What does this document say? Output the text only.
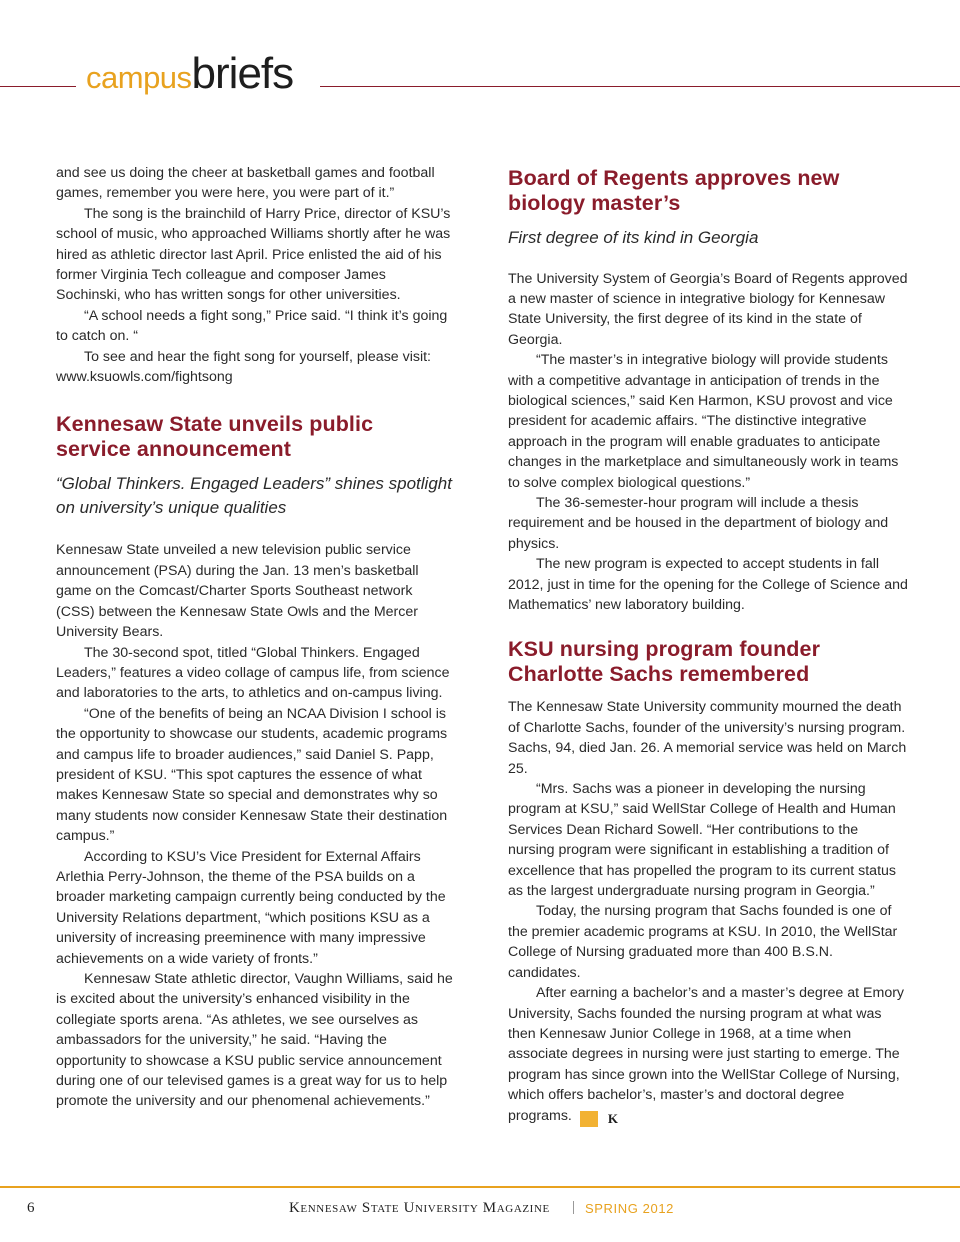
campusbriefs

and see us doing the cheer at basketball games and football games, remember you were here, you were part of it.”

The song is the brainchild of Harry Price, director of KSU’s school of music, who approached Williams shortly after he was hired as athletic director last April. Price enlisted the aid of his former Virginia Tech colleague and composer James Sochinski, who has written songs for other universities.

“A school needs a fight song,” Price said. “I think it’s going to catch on. “

To see and hear the fight song for yourself, please visit: www.ksuowls.com/fightsong

Kennesaw State unveils public service announcement
“Global Thinkers. Engaged Leaders” shines spotlight on university’s unique qualities

Kennesaw State unveiled a new television public service announcement (PSA) during the Jan. 13 men’s basketball game on the Comcast/Charter Sports Southeast network (CSS) between the Kennesaw State Owls and the Mercer University Bears.

The 30-second spot, titled “Global Thinkers. Engaged Leaders,” features a video collage of campus life, from science and laboratories to the arts, to athletics and on-campus living.

“One of the benefits of being an NCAA Division I school is the opportunity to showcase our students, academic programs and campus life to broader audiences,” said Daniel S. Papp, president of KSU. “This spot captures the essence of what makes Kennesaw State so special and demonstrates why so many students now consider Kennesaw State their destination campus.”

According to KSU’s Vice President for External Affairs Arlethia Perry-Johnson, the theme of the PSA builds on a broader marketing campaign currently being conducted by the University Relations department, “which positions KSU as a university of increasing preeminence with many impressive achievements on a wide variety of fronts.”

Kennesaw State athletic director, Vaughn Williams, said he is excited about the university’s enhanced visibility in the collegiate sports arena. “As athletes, we see ourselves as ambassadors for the university,” he said. “Having the opportunity to showcase a KSU public service announcement during one of our televised games is a great way for us to help promote the university and our phenomenal achievements.”

Board of Regents approves new biology master’s
First degree of its kind in Georgia

The University System of Georgia’s Board of Regents approved a new master of science in integrative biology for Kennesaw State University, the first degree of its kind in the state of Georgia.

“The master’s in integrative biology will provide students with a competitive advantage in anticipation of trends in the biological sciences,” said Ken Harmon, KSU provost and vice president for academic affairs. “The distinctive integrative approach in the program will enable graduates to anticipate changes in the marketplace and simultaneously work in teams to solve complex biological questions.”

The 36-semester-hour program will include a thesis requirement and be housed in the department of biology and physics.

The new program is expected to accept students in fall 2012, just in time for the opening for the College of Science and Mathematics’ new laboratory building.

KSU nursing program founder Charlotte Sachs remembered

The Kennesaw State University community mourned the death of Charlotte Sachs, founder of the university’s nursing program. Sachs, 94, died Jan. 26. A memorial service was held on March 25.

“Mrs. Sachs was a pioneer in developing the nursing program at KSU,” said WellStar College of Health and Human Services Dean Richard Sowell. “Her contributions to the nursing program were significant in establishing a tradition of excellence that has propelled the program to its current status as the largest undergraduate nursing program in Georgia.”

Today, the nursing program that Sachs founded is one of the premier academic programs at KSU. In 2010, the WellStar College of Nursing graduated more than 400 B.S.N. candidates.

After earning a bachelor’s and a master’s degree at Emory University, Sachs founded the nursing program at what was then Kennesaw Junior College in 1968, at a time when associate degrees in nursing were just starting to emerge. The program has since grown into the WellStar College of Nursing, which offers bachelor’s, master’s and doctoral degree programs.	K

6	Kennesaw State University Magazine	SPRING 2012
